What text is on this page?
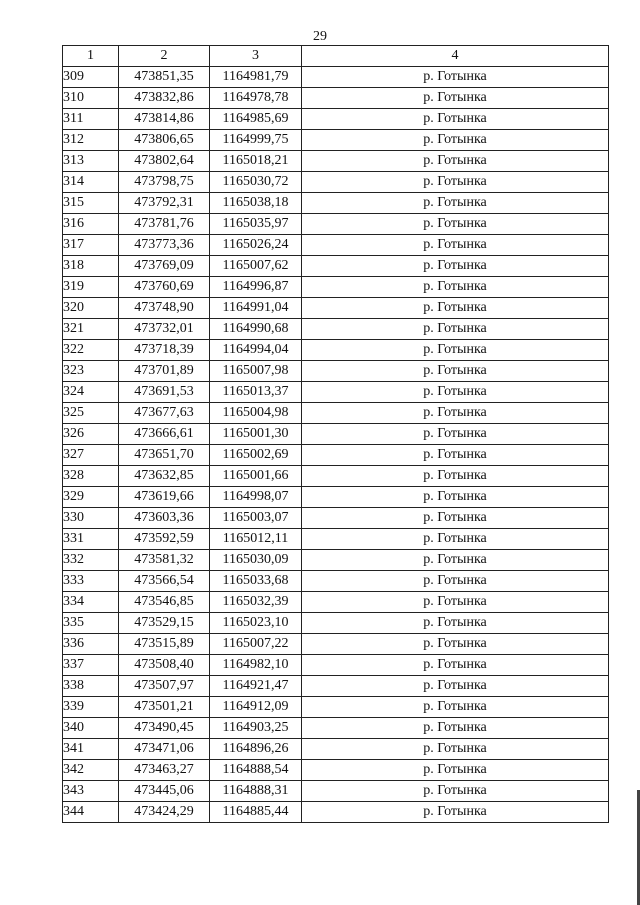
29
1	2	3	4
309	473851,35	1164981,79	р. Готынка
310	473832,86	1164978,78	р. Готынка
311	473814,86	1164985,69	р. Готынка
312	473806,65	1164999,75	р. Готынка
313	473802,64	1165018,21	р. Готынка
314	473798,75	1165030,72	р. Готынка
315	473792,31	1165038,18	р. Готынка
316	473781,76	1165035,97	р. Готынка
317	473773,36	1165026,24	р. Готынка
318	473769,09	1165007,62	р. Готынка
319	473760,69	1164996,87	р. Готынка
320	473748,90	1164991,04	р. Готынка
321	473732,01	1164990,68	р. Готынка
322	473718,39	1164994,04	р. Готынка
323	473701,89	1165007,98	р. Готынка
324	473691,53	1165013,37	р. Готынка
325	473677,63	1165004,98	р. Готынка
326	473666,61	1165001,30	р. Готынка
327	473651,70	1165002,69	р. Готынка
328	473632,85	1165001,66	р. Готынка
329	473619,66	1164998,07	р. Готынка
330	473603,36	1165003,07	р. Готынка
331	473592,59	1165012,11	р. Готынка
332	473581,32	1165030,09	р. Готынка
333	473566,54	1165033,68	р. Готынка
334	473546,85	1165032,39	р. Готынка
335	473529,15	1165023,10	р. Готынка
336	473515,89	1165007,22	р. Готынка
337	473508,40	1164982,10	р. Готынка
338	473507,97	1164921,47	р. Готынка
339	473501,21	1164912,09	р. Готынка
340	473490,45	1164903,25	р. Готынка
341	473471,06	1164896,26	р. Готынка
342	473463,27	1164888,54	р. Готынка
343	473445,06	1164888,31	р. Готынка
344	473424,29	1164885,44	р. Готынка
